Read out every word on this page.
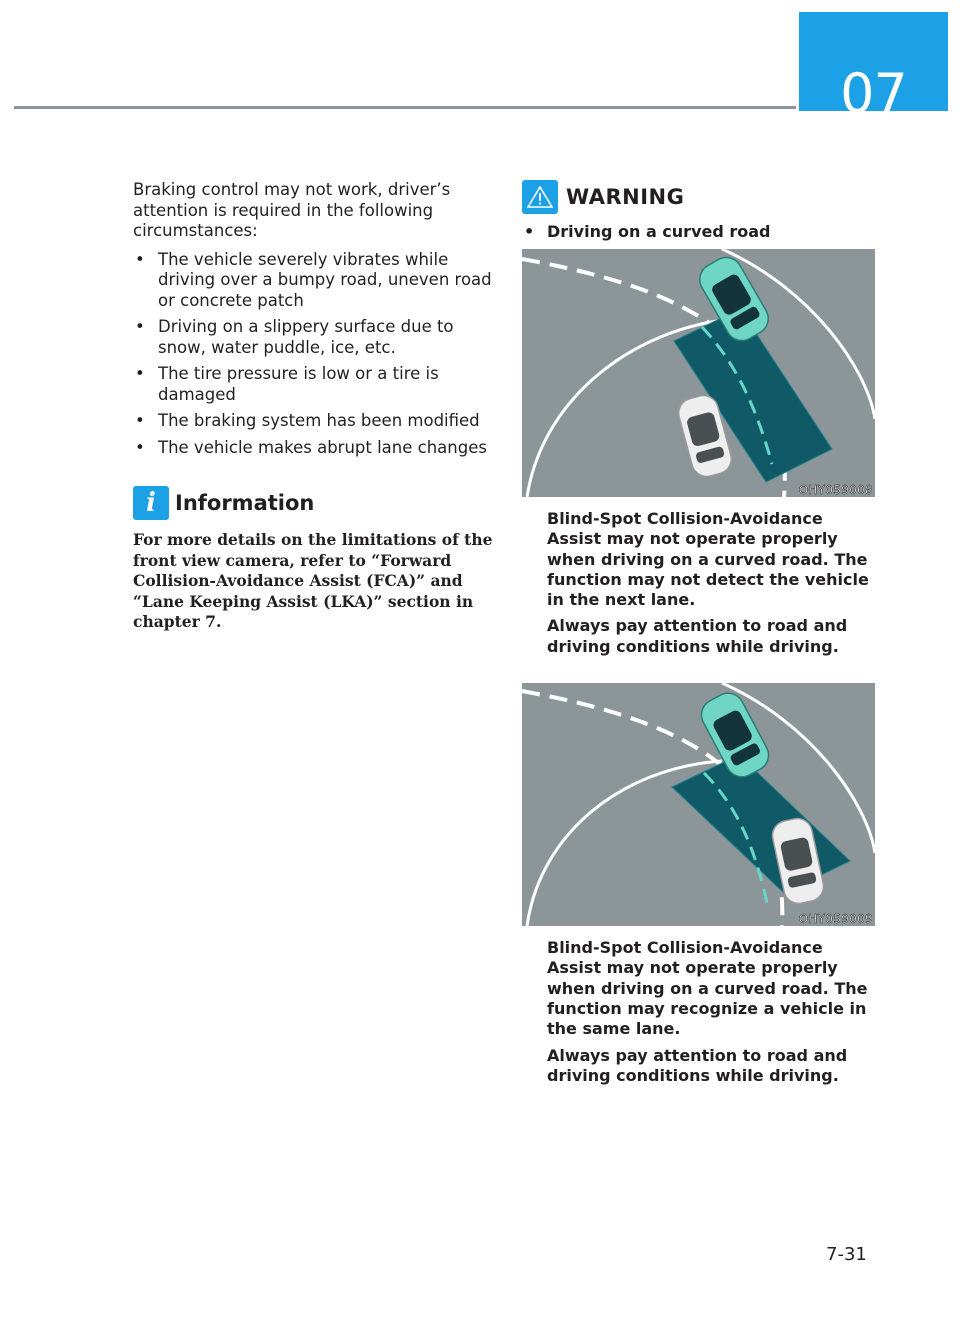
07

Braking control may not work, driver’s attention is required in the following circumstances:

• The vehicle severely vibrates while driving over a bumpy road, uneven road or concrete patch
• Driving on a slippery surface due to snow, water puddle, ice, etc.
• The tire pressure is low or a tire is damaged
• The braking system has been modified
• The vehicle makes abrupt lane changes
i Information

For more details on the limitations of the front view camera, refer to “Forward Collision-Avoidance Assist (FCA)” and “Lane Keeping Assist (LKA)” section in chapter 7.

WARNING
• Driving on a curved road
OHY059008

Blind-Spot Collision-Avoidance Assist may not operate properly when driving on a curved road. The function may not detect the vehicle in the next lane.

Always pay attention to road and driving conditions while driving.

OHY059009

Blind-Spot Collision-Avoidance Assist may not operate properly when driving on a curved road. The function may recognize a vehicle in the same lane.

Always pay attention to road and driving conditions while driving.

7-31
